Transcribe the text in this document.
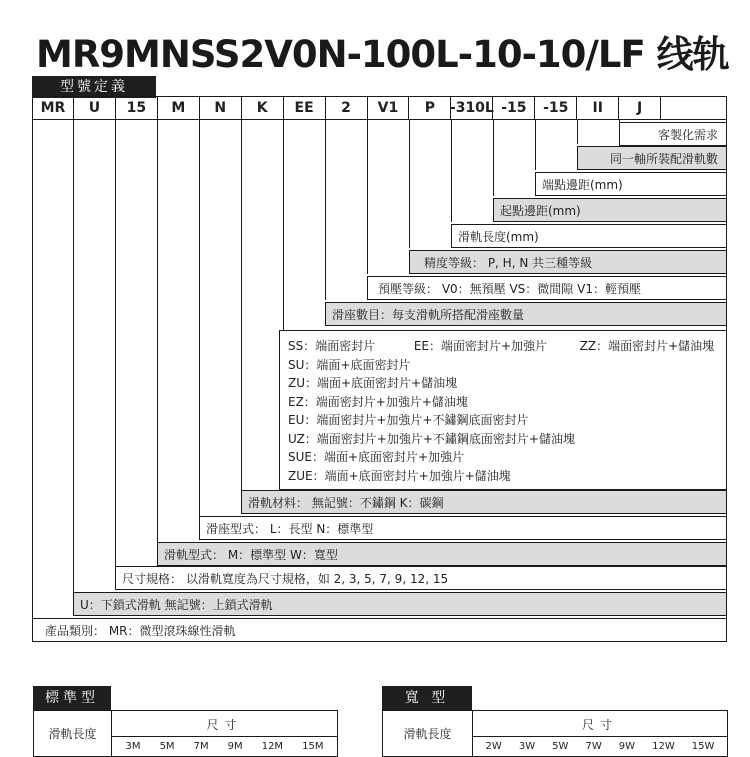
MR9MNSS2V0N-100L-10-10/LF 线轨
型號定義
MR	U	15	M	N	K	EE	2	V1	P	-310L -15	-15	II	J
客製化需求
同一軸所裝配滑軌數
端點邊距(mm)
起點邊距(mm)
滑軌長度(mm)
精度等級： P, H, N 共三種等級
預壓等級： V0：無預壓 VS：微間隙 V1：輕預壓
滑座數目：每支滑軌所搭配滑座數量
SS：端面密封片	EE：端面密封片+加強片	ZZ：端面密封片+儲油塊
SU：端面+底面密封片
ZU：端面+底面密封片+儲油塊
EZ：端面密封片+加強片+儲油塊
EU：端面密封片+加強片+不鏽鋼底面密封片
UZ：端面密封片+加強片+不鏽鋼底面密封片+儲油塊
SUE：端面+底面密封片+加強片
ZUE：端面+底面密封片+加強片+儲油塊
滑軌材料： 無記號：不鏽鋼 K：碳鋼
滑座型式： L：長型 N：標準型
滑軌型式： M：標準型 W：寬型
尺寸規格： 以滑軌寬度為尺寸規格，如 2, 3, 5, 7, 9, 12, 15
U：下鎖式滑軌 無記號：上鎖式滑軌
產品類別： MR：微型滾珠線性滑軌
標準型
尺寸
滑軌長度
3M 5M 7M 9M 12M 15M
寬 型
尺寸
滑軌長度
2W 3W 5W 7W 9W 12W 15W
